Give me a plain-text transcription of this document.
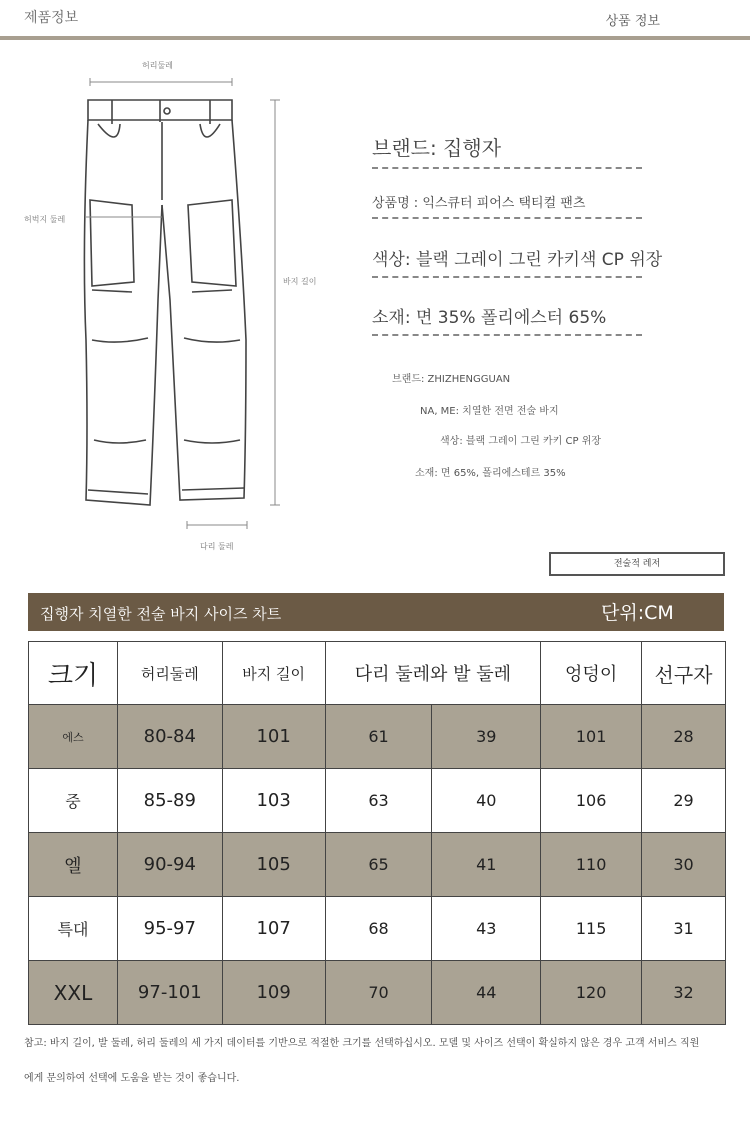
제품정보	상품 정보
허리둘레
허벅지 둘레
바지 길이
다리 둘레
브랜드: 집행자
상품명 : 익스큐터 피어스 택티컬 팬츠
색상: 블랙 그레이 그린 카키색 CP 위장
소재: 면 35% 폴리에스터 65%
브랜드: ZHIZHENGGUAN
NA, ME: 치열한 전면 전술 바지
색상: 블랙 그레이 그린 카키 CP 위장
소재: 면 65%, 폴리에스테르 35%
전술적 레저
집행자 치열한 전술 바지 사이즈 차트	단위:CM
크기	허리둘레	바지 길이	다리 둘레와 발 둘레		엉덩이	선구자
에스	80-84	101	61	39	101	28
중	85-89	103	63	40	106	29
엘	90-94	105	65	41	110	30
특대	95-97	107	68	43	115	31
XXL	97-101	109	70	44	120	32
참고: 바지 길이, 발 둘레, 허리 둘레의 세 가지 데이터를 기반으로 적절한 크기를 선택하십시오. 모델 및 사이즈 선택이 확실하지 않은 경우 고객 서비스 직원
에게 문의하여 선택에 도움을 받는 것이 좋습니다.
